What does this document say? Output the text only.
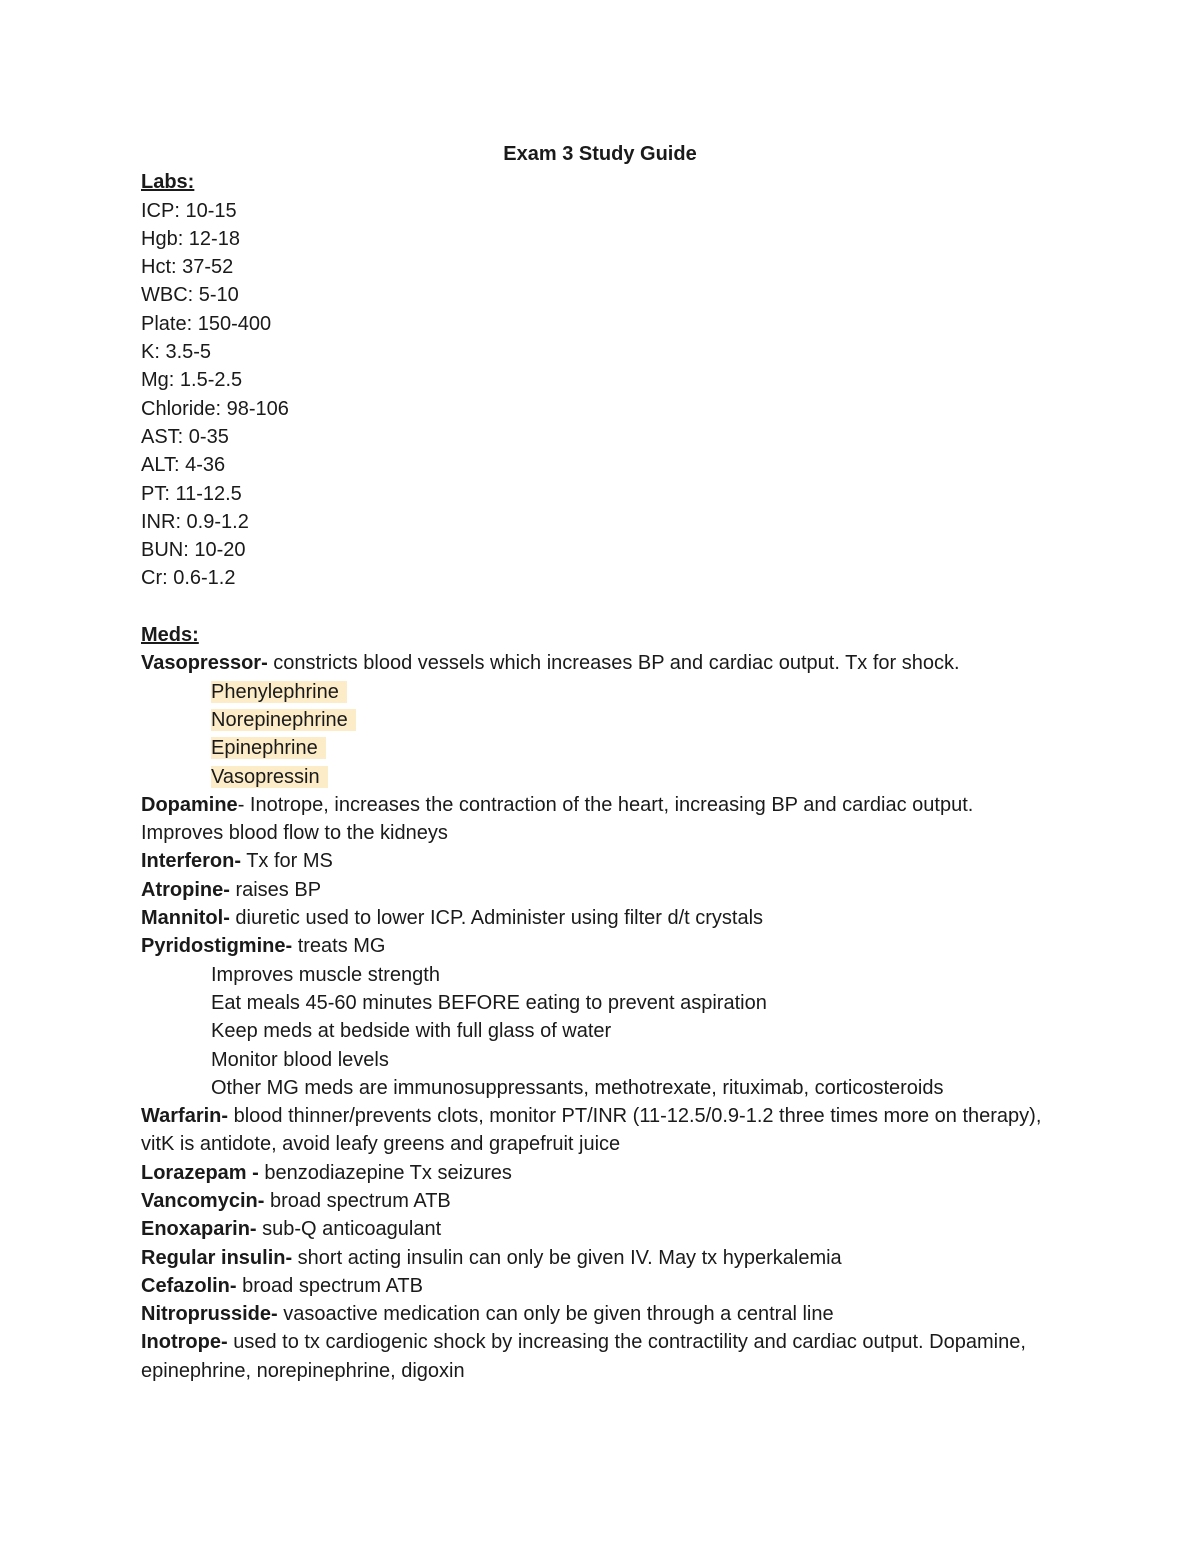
Exam 3 Study Guide
Labs:
ICP: 10-15
Hgb: 12-18
Hct: 37-52
WBC: 5-10
Plate: 150-400
K: 3.5-5
Mg: 1.5-2.5
Chloride: 98-106
AST: 0-35
ALT: 4-36
PT: 11-12.5
INR: 0.9-1.2
BUN: 10-20
Cr: 0.6-1.2
Meds:
Vasopressor- constricts blood vessels which increases BP and cardiac output. Tx for shock.
Phenylephrine
Norepinephrine
Epinephrine
Vasopressin
Dopamine- Inotrope, increases the contraction of the heart, increasing BP and cardiac output. Improves blood flow to the kidneys
Interferon- Tx for MS
Atropine- raises BP
Mannitol- diuretic used to lower ICP. Administer using filter d/t crystals
Pyridostigmine- treats MG
Improves muscle strength
Eat meals 45-60 minutes BEFORE eating to prevent aspiration
Keep meds at bedside with full glass of water
Monitor blood levels
Other MG meds are immunosuppressants, methotrexate, rituximab, corticosteroids
Warfarin- blood thinner/prevents clots, monitor PT/INR (11-12.5/0.9-1.2 three times more on therapy), vitK is antidote, avoid leafy greens and grapefruit juice
Lorazepam - benzodiazepine Tx seizures
Vancomycin- broad spectrum ATB
Enoxaparin- sub-Q anticoagulant
Regular insulin- short acting insulin can only be given IV. May tx hyperkalemia
Cefazolin- broad spectrum ATB
Nitroprusside- vasoactive medication can only be given through a central line
Inotrope- used to tx cardiogenic shock by increasing the contractility and cardiac output. Dopamine, epinephrine, norepinephrine, digoxin
